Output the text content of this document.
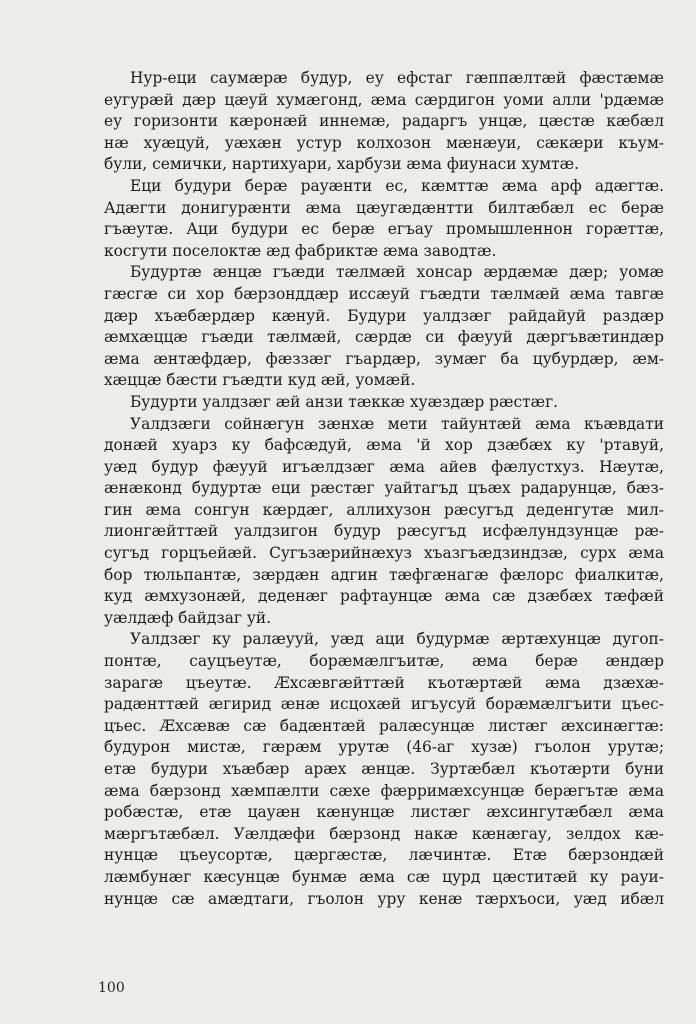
Нур-еци саумæрæ будур, еу ефстаг гæппæлтæй фæстæмæ
еугурæй дæр цæуй хумæгонд, æма сæрдигон уоми алли 'рдæмæ
еу горизонти кæронæй иннемæ, радаргъ унцæ, цæстæ кæбæл
нæ хуæцуй, уæхæн устур колхозон мæнæуи, сæкæри къум-
були, семички, нартихуари, харбузи æма фиунаси хумтæ.
Еци будури берæ рауæнти ес, кæмттæ æма арф адæгтæ.
Адæгти донигурæнти æма цæугæдæнтти билтæбæл ес берæ
гъæутæ. Аци будури ес берæ егъау промышленнон горæттæ,
косгути поселоктæ æд фабриктæ æма заводтæ.
Будуртæ æнцæ гъæди тæлмæй хонсар æрдæмæ дæр; уомæ
гæсгæ си хор бæрзонддæр иссæуй гъæдти тæлмæй æма тавгæ
дæр хъæбæрдæр кæнуй. Будури уалдзæг райдайуй раздæр
æмхæццæ гъæди тæлмæй, сæрдæ си фæууй дæргъвæтиндæр
æма æнтæфдæр, фæззæг гъардæр, зумæг ба цубурдæр, æм-
хæццæ бæсти гъæдти куд æй, уомæй.
Будурти уалдзæг æй анзи тæккæ хуæздæр рæстæг.
Уалдзæги сойнæгун зæнхæ мети тайунтæй æма къæвдати
донæй хуарз ку бафсæдуй, æма 'й хор дзæбæх ку 'ртавуй,
уæд будур фæууй игъæлдзæг æма айев фæлустхуз. Нæутæ,
æнæконд будуртæ еци рæстæг уайтагъд цъæх радарунцæ, бæз-
гин æма сонгун кæрдæг, аллихузон рæсугъд деденгутæ мил-
лионгæйттæй уалдзигон будур рæсугъд исфæлундзунцæ рæ-
сугъд горцъейæй. Сугъзæрийнæхуз хъазгъæдзиндзæ, сурх æма
бор тюльпантæ, зæрдæн адгин тæфгæнагæ фæлорс фиалкитæ,
куд æмхузонæй, деденæг рафтаунцæ æма сæ дзæбæх тæфæй
уæлдæф байдзаг уй.
Уалдзæг ку ралæууй, уæд аци будурмæ æртæхунцæ дугоп-
понтæ, сауцъеутæ, борæмæлгъитæ, æма берæ æндæр
зарагæ цъеутæ. Æхсæвгæйттæй къотæртæй æма дзæхæ-
радæнттæй æгирид æнæ исцохæй игъусуй борæмæлгъити цъес-
цъес. Æхсæвæ сæ бадæнтæй ралæсунцæ листæг æхсинæгтæ:
будурон мистæ, гæрæм урутæ (46-аг хузæ) гъолон урутæ;
етæ будури хъæбæр арæх æнцæ. Зуртæбæл къотæрти буни
æма бæрзонд хæмпæлти сæхе фæрримæхсунцæ берæгътæ æма
робæстæ, етæ цауæн кæнунцæ листæг æхсингутæбæл æма
мæргътæбæл. Уæлдæфи бæрзонд накæ кæнæгау, зелдох кæ-
нунцæ цъеусортæ, цæргæстæ, лæчинтæ. Етæ бæрзондæй
лæмбунæг кæсунцæ бунмæ æма сæ цурд цæститæй ку рауи-
нунцæ сæ амæдтаги, гъолон уру кенæ тæрхъоси, уæд ибæл
100
